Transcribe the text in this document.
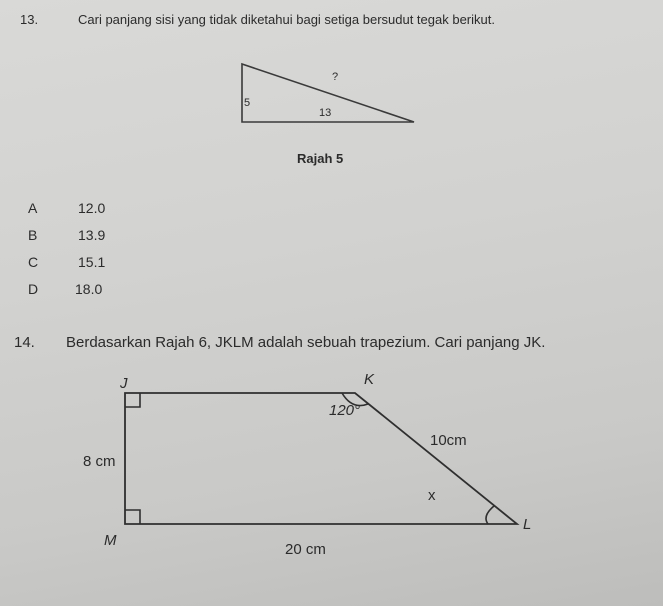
13.	Cari panjang sisi yang tidak diketahui bagi setiga bersudut tegak berikut.
?
5
13
Rajah 5
A	12.0
B	13.9
C	15.1
D	18.0
14. Berdasarkan Rajah 6, JKLM adalah sebuah trapezium. Cari panjang JK.
J	K
L
M
120°
10cm
8 cm
20 cm
x
